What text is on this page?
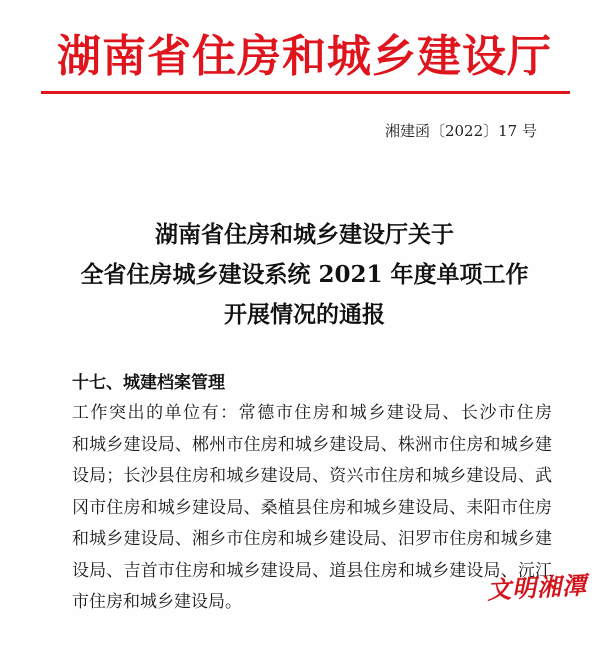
湖南省住房和城乡建设厅
湘建函〔2022〕17 号
湖南省住房和城乡建设厅关于
全省住房城乡建设系统 2021 年度单项工作
开展情况的通报
十七、城建档案管理
工作突出的单位有：常德市住房和城乡建设局、长沙市住房
和城乡建设局、郴州市住房和城乡建设局、株洲市住房和城乡建
设局；长沙县住房和城乡建设局、资兴市住房和城乡建设局、武
冈市住房和城乡建设局、桑植县住房和城乡建设局、耒阳市住房
和城乡建设局、湘乡市住房和城乡建设局、汨罗市住房和城乡建
设局、吉首市住房和城乡建设局、道县住房和城乡建设局、沅江
市住房和城乡建设局。	文明湘潭
